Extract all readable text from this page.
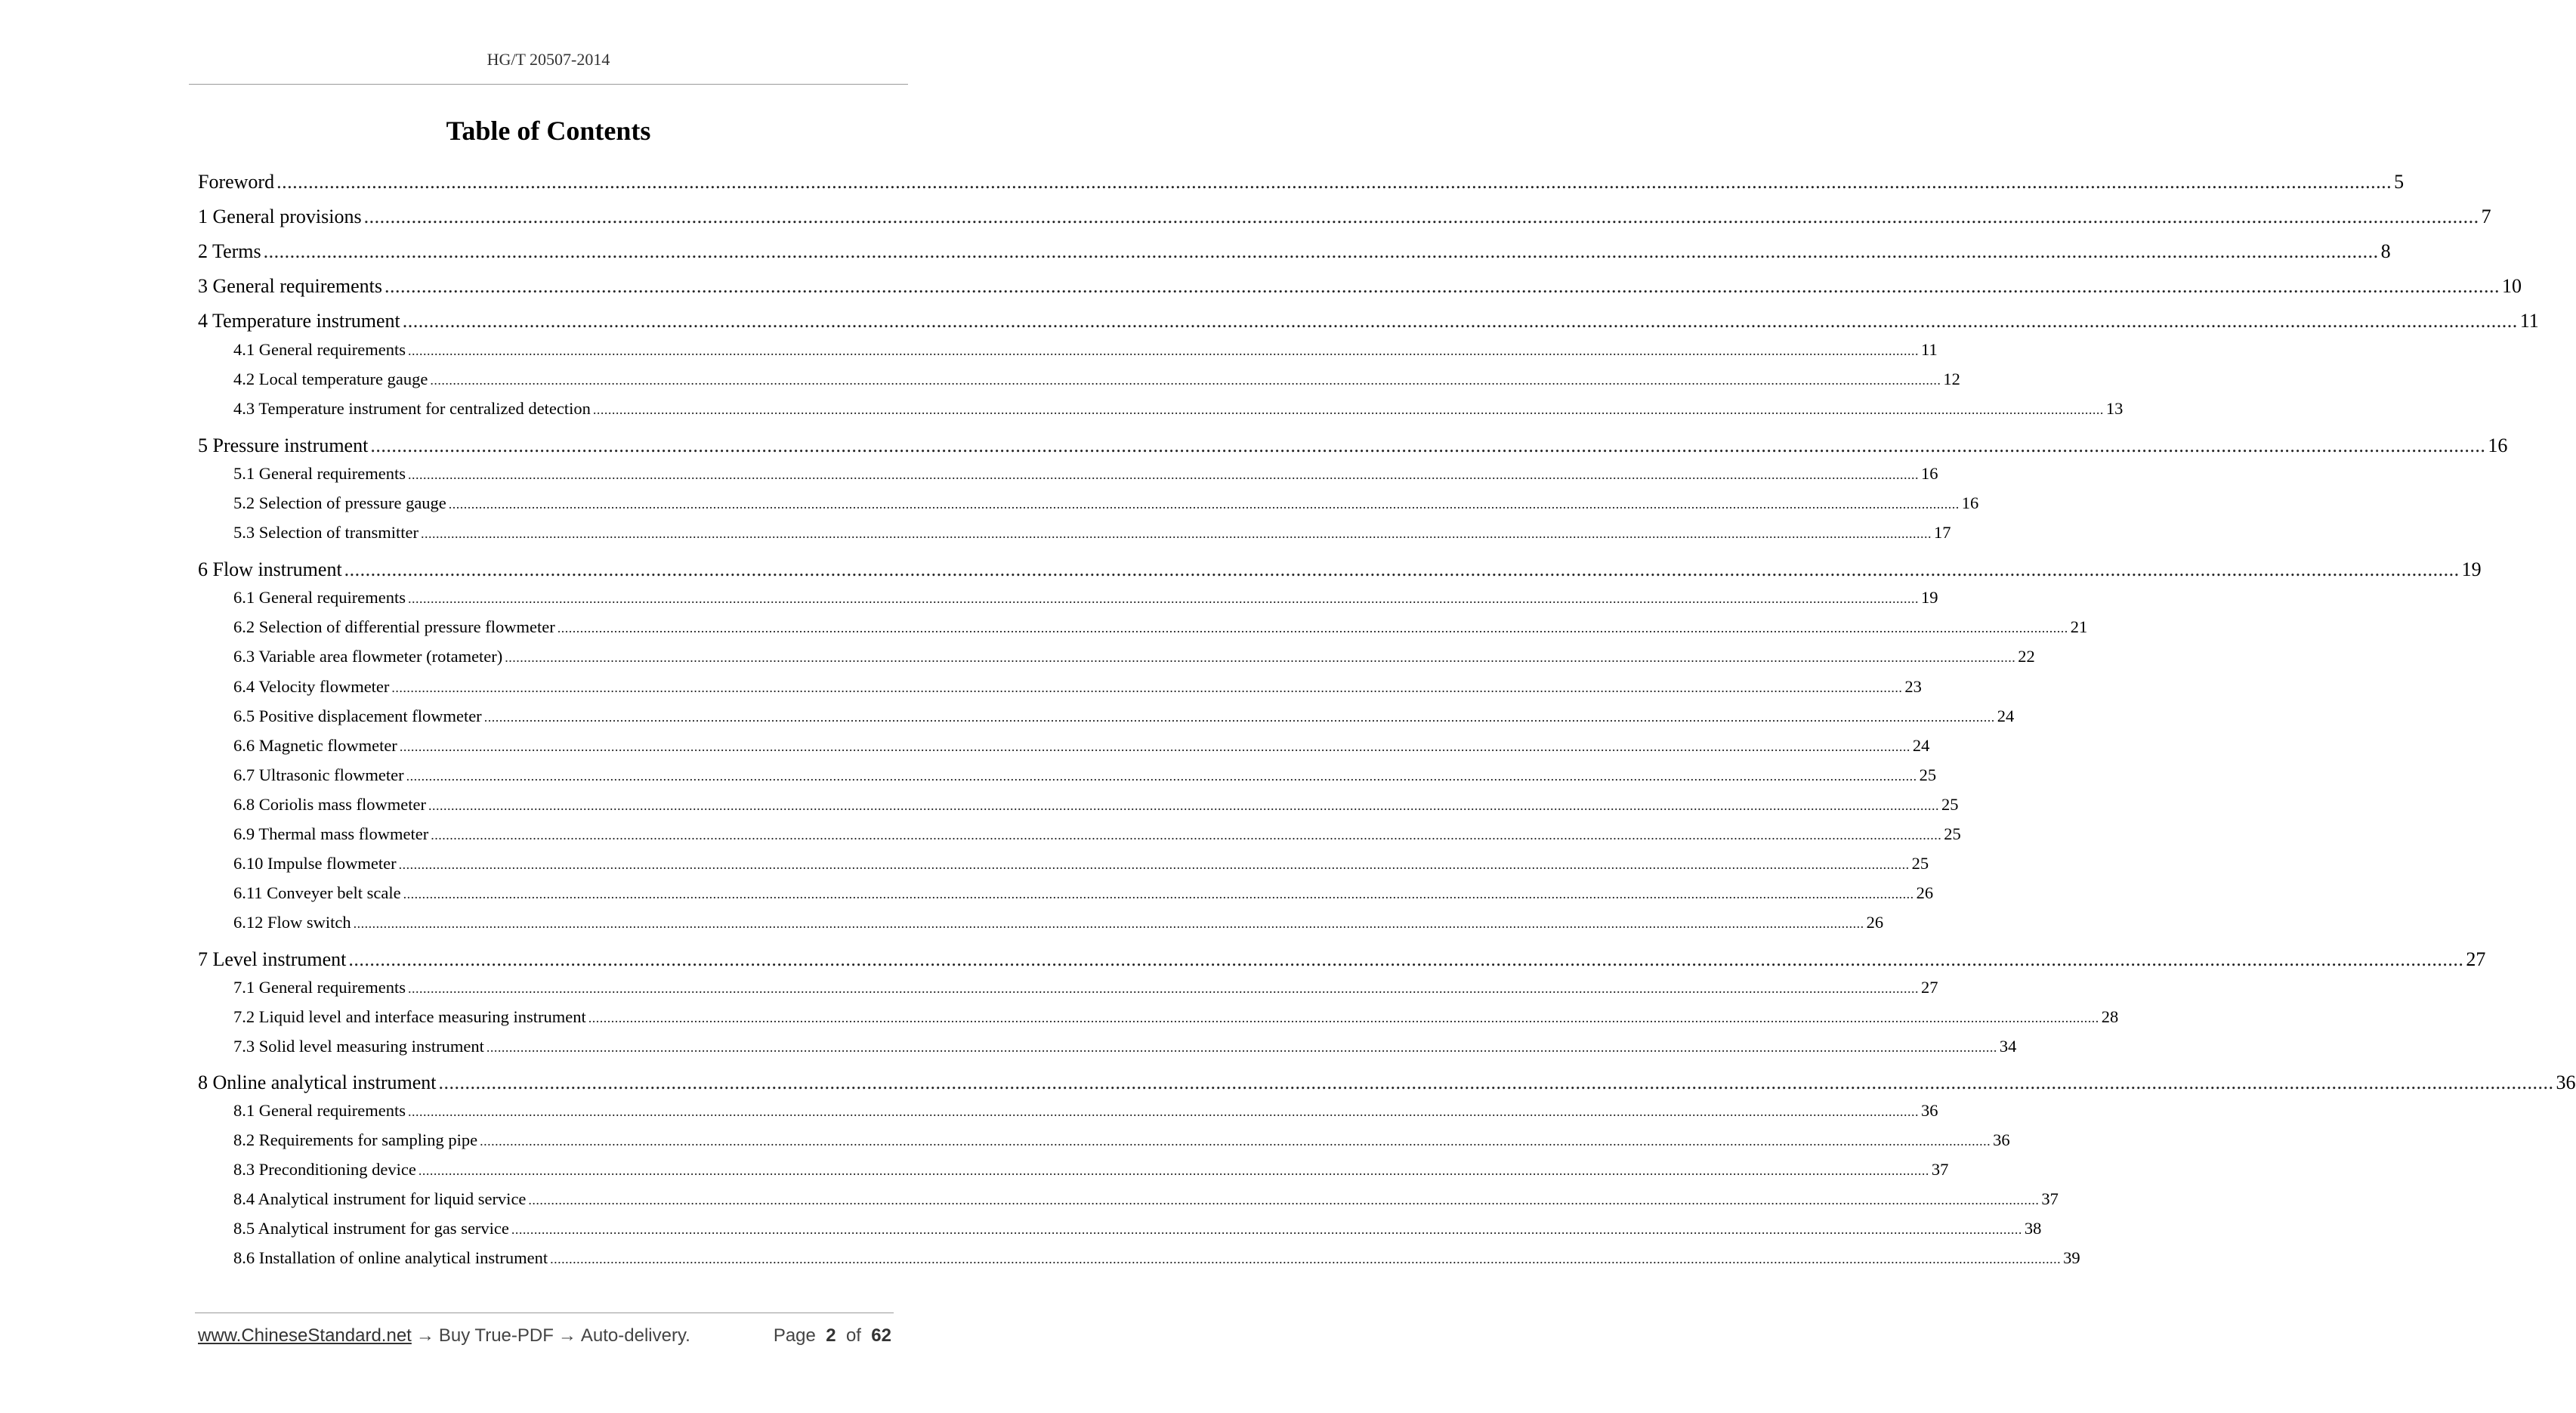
HG/T 20507-2014
Table of Contents
Foreword ................................................................................................................................................................................................................................................................................................................................................................................................................ 5
1 General provisions ................................................................................................................................................................................................................................................................................................................................................................................................................ 7
2 Terms ................................................................................................................................................................................................................................................................................................................................................................................................................ 8
3 General requirements ................................................................................................................................................................................................................................................................................................................................................................................................................ 10
4 Temperature instrument ................................................................................................................................................................................................................................................................................................................................................................................................................ 11
4.1 General requirements ................................................................................................................................................................................................................................................................................................................................................................................................................ 11
4.2 Local temperature gauge ................................................................................................................................................................................................................................................................................................................................................................................................................ 12
4.3 Temperature instrument for centralized detection ................................................................................................................................................................................................................................................................................................................................................................................................................ 13
5 Pressure instrument ................................................................................................................................................................................................................................................................................................................................................................................................................ 16
5.1 General requirements ................................................................................................................................................................................................................................................................................................................................................................................................................ 16
5.2 Selection of pressure gauge ................................................................................................................................................................................................................................................................................................................................................................................................................ 16
5.3 Selection of transmitter ................................................................................................................................................................................................................................................................................................................................................................................................................ 17
6 Flow instrument ................................................................................................................................................................................................................................................................................................................................................................................................................ 19
6.1 General requirements ................................................................................................................................................................................................................................................................................................................................................................................................................ 19
6.2 Selection of differential pressure flowmeter ................................................................................................................................................................................................................................................................................................................................................................................................................ 21
6.3 Variable area flowmeter (rotameter) ................................................................................................................................................................................................................................................................................................................................................................................................................ 22
6.4 Velocity flowmeter ................................................................................................................................................................................................................................................................................................................................................................................................................ 23
6.5 Positive displacement flowmeter ................................................................................................................................................................................................................................................................................................................................................................................................................ 24
6.6 Magnetic flowmeter ................................................................................................................................................................................................................................................................................................................................................................................................................ 24
6.7 Ultrasonic flowmeter ................................................................................................................................................................................................................................................................................................................................................................................................................ 25
6.8 Coriolis mass flowmeter ................................................................................................................................................................................................................................................................................................................................................................................................................ 25
6.9 Thermal mass flowmeter ................................................................................................................................................................................................................................................................................................................................................................................................................ 25
6.10 Impulse flowmeter ................................................................................................................................................................................................................................................................................................................................................................................................................ 25
6.11 Conveyer belt scale ................................................................................................................................................................................................................................................................................................................................................................................................................ 26
6.12 Flow switch ................................................................................................................................................................................................................................................................................................................................................................................................................ 26
7 Level instrument ................................................................................................................................................................................................................................................................................................................................................................................................................ 27
7.1 General requirements ................................................................................................................................................................................................................................................................................................................................................................................................................ 27
7.2 Liquid level and interface measuring instrument ................................................................................................................................................................................................................................................................................................................................................................................................................ 28
7.3 Solid level measuring instrument ................................................................................................................................................................................................................................................................................................................................................................................................................ 34
8 Online analytical instrument ................................................................................................................................................................................................................................................................................................................................................................................................................ 36
8.1 General requirements ................................................................................................................................................................................................................................................................................................................................................................................................................ 36
8.2 Requirements for sampling pipe ................................................................................................................................................................................................................................................................................................................................................................................................................ 36
8.3 Preconditioning device ................................................................................................................................................................................................................................................................................................................................................................................................................ 37
8.4 Analytical instrument for liquid service ................................................................................................................................................................................................................................................................................................................................................................................................................ 37
8.5 Analytical instrument for gas service ................................................................................................................................................................................................................................................................................................................................................................................................................ 38
8.6 Installation of online analytical instrument ................................................................................................................................................................................................................................................................................................................................................................................................................ 39
www.ChineseStandard.net → Buy True-PDF → Auto-delivery.	Page 2 of 62
